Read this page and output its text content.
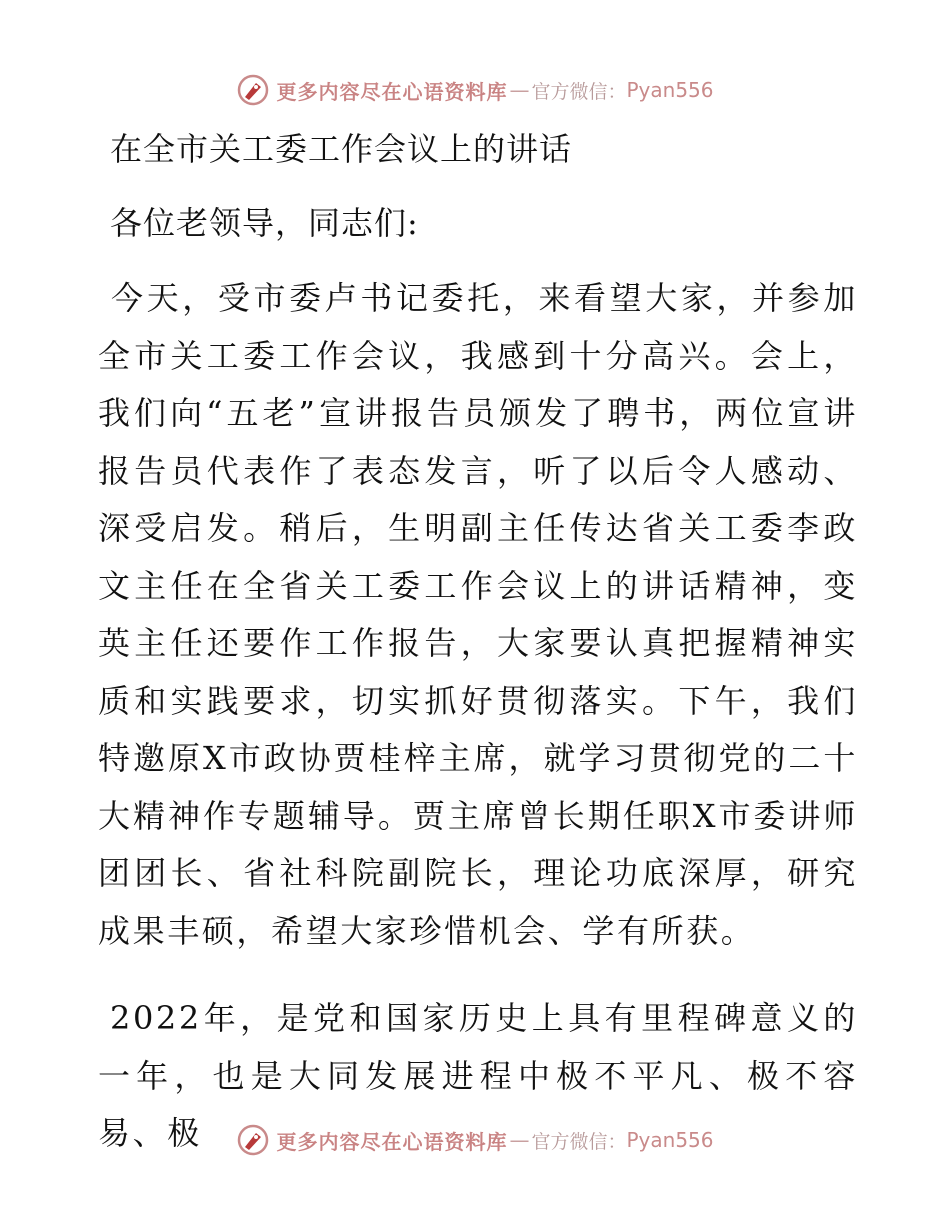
更多内容尽在心语资料库 — 官方微信： Pyan556
在全市关工委工作会议上的讲话
各位老领导，同志们:
今天，受市委卢书记委托，来看望大家，并参加全市关工委工作会议，我感到十分高兴。会上，我们向“五老”宣讲报告员颁发了聘书，两位宣讲报告员代表作了表态发言，听了以后令人感动、深受启发。稍后，生明副主任传达省关工委李政文主任在全省关工委工作会议上的讲话精神，变英主任还要作工作报告，大家要认真把握精神实质和实践要求，切实抓好贯彻落实。下午，我们特邀原X市政协贾桂梓主席，就学习贯彻党的二十大精神作专题辅导。贾主席曾长期任职X市委讲师团团长、省社科院副院长，理论功底深厚，研究成果丰硕，希望大家珍惜机会、学有所获。
2022年，是党和国家历史上具有里程碑意义的一年，也是大同发展进程中极不平凡、极不容易、极	更多内容尽在心语资料库 — 官方微信： Pyan556
